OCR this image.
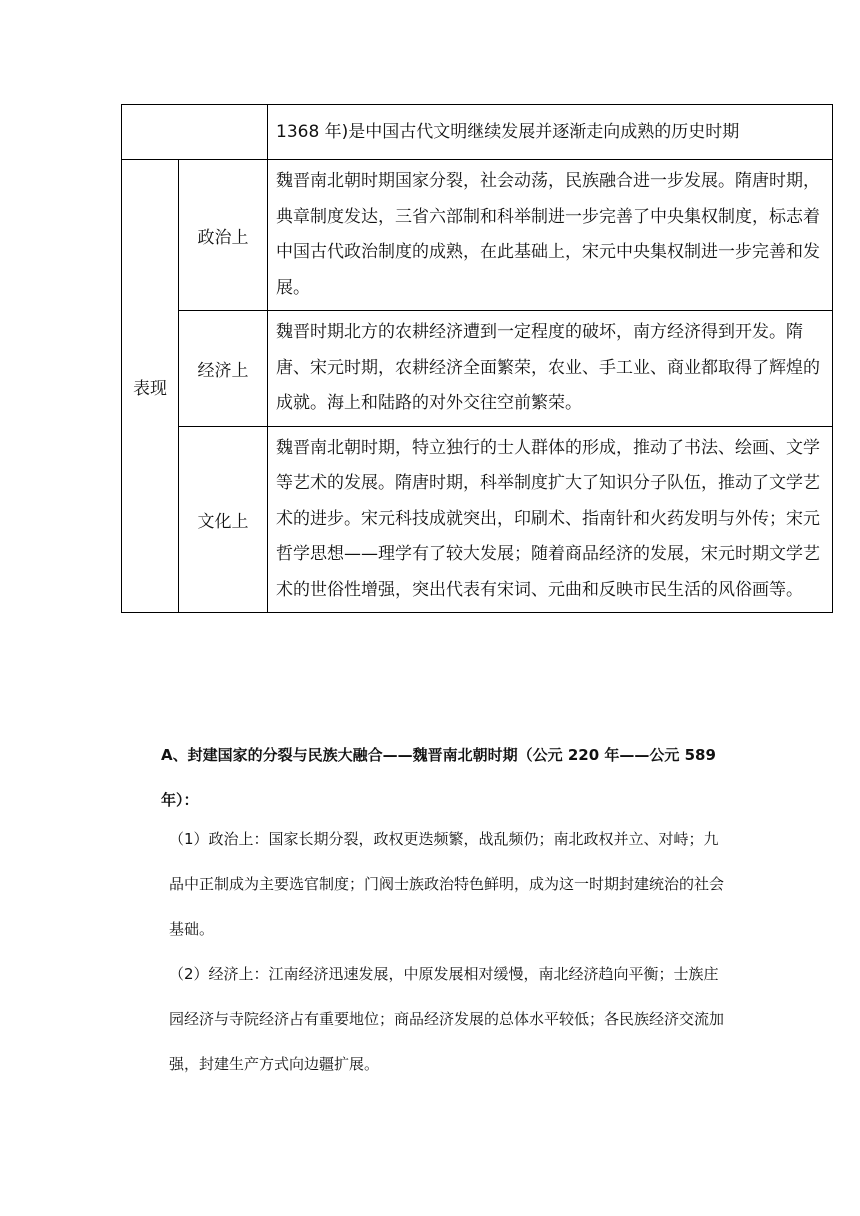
		1368 年)是中国古代文明继续发展并逐渐走向成熟的历史时期
表现	政治上	魏晋南北朝时期国家分裂，社会动荡，民族融合进一步发展。隋唐时期，典章制度发达，三省六部制和科举制进一步完善了中央集权制度，标志着中国古代政治制度的成熟，在此基础上，宋元中央集权制进一步完善和发展。
	经济上	魏晋时期北方的农耕经济遭到一定程度的破坏，南方经济得到开发。隋唐、宋元时期，农耕经济全面繁荣，农业、手工业、商业都取得了辉煌的成就。海上和陆路的对外交往空前繁荣。
	文化上	魏晋南北朝时期，特立独行的士人群体的形成，推动了书法、绘画、文学等艺术的发展。隋唐时期，科举制度扩大了知识分子队伍，推动了文学艺术的进步。宋元科技成就突出，印刷术、指南针和火药发明与外传；宋元哲学思想——理学有了较大发展；随着商品经济的发展，宋元时期文学艺术的世俗性增强，突出代表有宋词、元曲和反映市民生活的风俗画等。
A、封建国家的分裂与民族大融合——魏晋南北朝时期（公元 220 年——公元 589 年）：
（1）政治上：国家长期分裂，政权更迭频繁，战乱频仍；南北政权并立、对峙；九品中正制成为主要选官制度；门阀士族政治特色鲜明，成为这一时期封建统治的社会基础。
（2）经济上：江南经济迅速发展，中原发展相对缓慢，南北经济趋向平衡；士族庄园经济与寺院经济占有重要地位；商品经济发展的总体水平较低；各民族经济交流加强，封建生产方式向边疆扩展。
